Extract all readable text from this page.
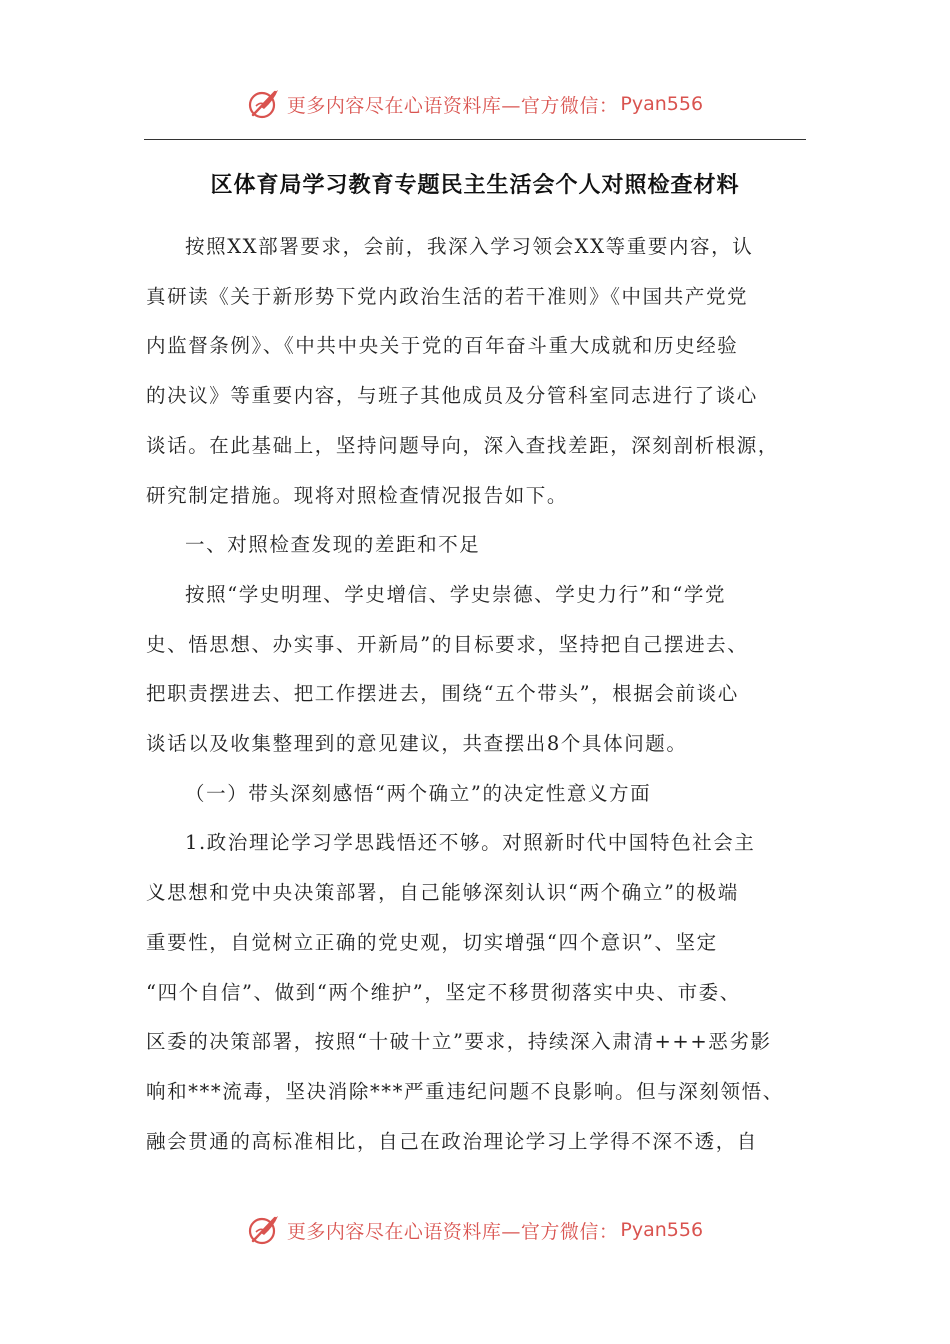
更多内容尽在心语资料库—官方微信： Pyan556
区体育局学习教育专题民主生活会个人对照检查材料

按照XX部署要求，会前，我深入学习领会XX等重要内容，认
真研读《关于新形势下党内政治生活的若干准则》《中国共产党党
内监督条例》、《中共中央关于党的百年奋斗重大成就和历史经验
的决议》等重要内容，与班子其他成员及分管科室同志进行了谈心
谈话。在此基础上，坚持问题导向，深入查找差距，深刻剖析根源，
研究制定措施。现将对照检查情况报告如下。

一、对照检查发现的差距和不足

按照“学史明理、学史增信、学史崇德、学史力行”和“学党
史、悟思想、办实事、开新局”的目标要求，坚持把自己摆进去、
把职责摆进去、把工作摆进去，围绕“五个带头”，根据会前谈心
谈话以及收集整理到的意见建议，共查摆出8个具体问题。

（一）带头深刻感悟“两个确立”的决定性意义方面

1.政治理论学习学思践悟还不够。对照新时代中国特色社会主
义思想和党中央决策部署，自己能够深刻认识“两个确立”的极端
重要性，自觉树立正确的党史观，切实增强“四个意识”、坚定
“四个自信”、做到“两个维护”，坚定不移贯彻落实中央、市委、
区委的决策部署，按照“十破十立”要求，持续深入肃清+++恶劣影
响和***流毒，坚决消除***严重违纪问题不良影响。但与深刻领悟、
融会贯通的高标准相比，自己在政治理论学习上学得不深不透，自

更多内容尽在心语资料库—官方微信： Pyan556
